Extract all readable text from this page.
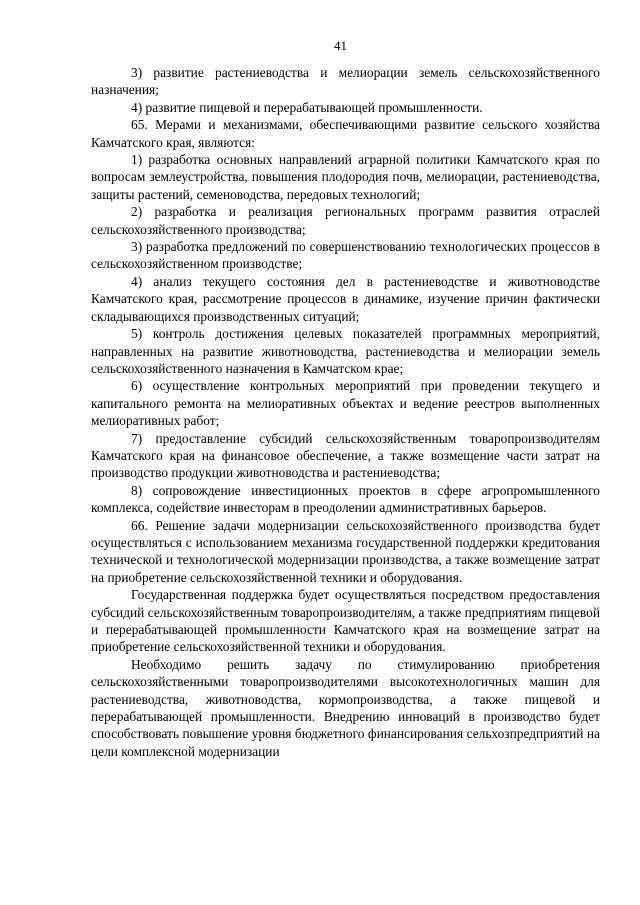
41

3) развитие растениеводства и мелиорации земель сельскохозяйственного назначения;

4) развитие пищевой и перерабатывающей промышленности.

65. Мерами и механизмами, обеспечивающими развитие сельского хозяйства Камчатского края, являются:

1) разработка основных направлений аграрной политики Камчатского края по вопросам землеустройства, повышения плодородия почв, мелиорации, растениеводства, защиты растений, семеноводства, передовых технологий;

2) разработка и реализация региональных программ развития отраслей сельскохозяйственного производства;

3) разработка предложений по совершенствованию технологических процессов в сельскохозяйственном производстве;

4) анализ текущего состояния дел в растениеводстве и животноводстве Камчатского края, рассмотрение процессов в динамике, изучение причин фактически складывающихся производственных ситуаций;

5) контроль достижения целевых показателей программных мероприятий, направленных на развитие животноводства, растениеводства и мелиорации земель сельскохозяйственного назначения в Камчатском крае;

6) осуществление контрольных мероприятий при проведении текущего и капитального ремонта на мелиоративных объектах и ведение реестров выполненных мелиоративных работ;

7) предоставление субсидий сельскохозяйственным товаропроизводителям Камчатского края на финансовое обеспечение, а также возмещение части затрат на производство продукции животноводства и растениеводства;

8) сопровождение инвестиционных проектов в сфере агропромышленного комплекса, содействие инвесторам в преодолении административных барьеров.

66. Решение задачи модернизации сельскохозяйственного производства будет осуществляться с использованием механизма государственной поддержки кредитования технической и технологической модернизации производства, а также возмещение затрат на приобретение сельскохозяйственной техники и оборудования.

Государственная поддержка будет осуществляться посредством предоставления субсидий сельскохозяйственным товаропроизводителям, а также предприятиям пищевой и перерабатывающей промышленности Камчатского края на возмещение затрат на приобретение сельскохозяйственной техники и оборудования.

Необходимо решить задачу по стимулированию приобретения сельскохозяйственными товаропроизводителями высокотехнологичных машин для растениеводства, животноводства, кормопроизводства, а также пищевой и перерабатывающей промышленности. Внедрению инноваций в производство будет способствовать повышение уровня бюджетного финансирования сельхозпредприятий на цели комплексной модернизации
